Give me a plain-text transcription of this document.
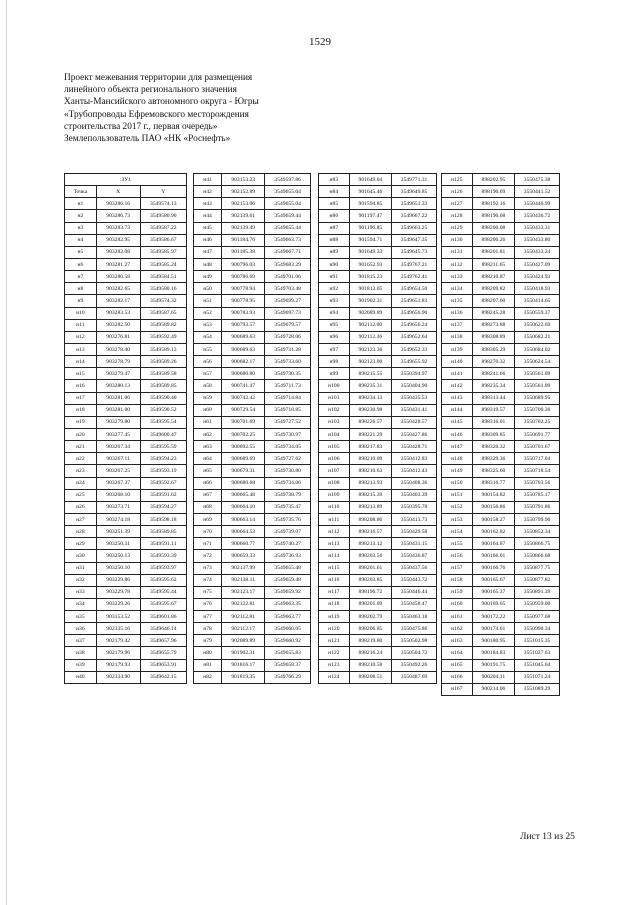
1529
Проект межевания территории для размещения
линейного объекта регионального значения
Ханты-Мансийского автономного округа - Югры
«Трубопроводы Ефремовского месторождения
строительства 2017 г., первая очередь»
Землепользователь ПАО «НК «Роснефть»
:ЗУ1		
Точка	X	Y
н1	903286.16	3549574.13
н2	903286.73	3549580.90
н3	903283.73	3549587.22
н4	903282.95	3549586.67
н5	903282.08	3549585.97
н6	903281.27	3549585.24
н7	903280.58	3549584.51
н8	903282.65	3549580.16
н9	903282.17	3549574.32
н10	903283.53	3549587.65
н11	903282.50	3549589.82
н12	903276.81	3549592.49
н13	903278.40	3549589.13
н14	903278.79	3549589.26
н15	903279.47	3549589.58
н16	903280.13	3549589.85
н17	903281.06	3549590.40
н18	903281.00	3549590.52
н19	903279.80	3549595.54
н20	903277.45	3549600.47
н21	903267.34	3549595.59
н22	903267.11	3549594.23
н23	903267.25	3549593.19
н24	903267.37	3549592.67
н25	903268.10	3549591.62
н26	903273.71	3549594.27
н27	903274.18	3549598.18
н28	903251.39	3549589.85
н29	903250.31	3549591.11
н30	903250.13	3549593.39
н31	903250.10	3549593.97
н32	903229.86	3549595.62
н33	903229.78	3549595.44
н34	903229.26	3549595.67
н35	903153.52	3549601.86
н36	902335.16	3549646.14
н37	902179.42	3549657.96
н38	902179.96	3549655.79
н39	902179.93	3549653.91
н40	902334.90	3549642.15
н41	903153.23	3549597.86
н42	902152.89	3549655.04
н43	902153.06	3549655.04
н44	902139.61	3549659.44
н45	902139.49	3549655.44
н46	901184.76	3549663.73
н47	901185.38	3549667.71
н48	900796.03	3549683.29
н49	900786.69	3549701.06
н50	900778.94	3549703.48
н51	900778.95	3549699.27
н52	900783.93	3549697.73
н53	900793.57	3549679.57
н54	900689.63	3549728.06
н55	900689.63	3549731.28
н56	900682.17	3549733.60
н57	900680.80	3549730.35
н58	900741.47	3549711.73
н59	900742.42	3549714.84
н60	900729.54	3549718.85
н61	900701.69	3549727.52
н62	900702.25	3549730.97
н63	900692.55	3549734.05
н64	900689.69	3549727.62
н65	900679.31	3549730.80
н66	900680.68	3549734.06
н67	900665.48	3549738.79
н68	900664.10	3549735.47
н69	900663.14	3549735.76
н70	900664.53	3549739.07
н71	900660.77	3549740.27
н72	900659.33	3549736.93
н73	902137.99	3549655.48
н74	902138.11	3549659.48
н75	902123.17	3549659.92
н76	902122.81	3549663.35
н77	902112.81	3549663.77
н78	902112.17	3549660.05
н79	902089.89	3549660.92
н80	901902.31	3549655.83
н81	901816.17	3549658.37
н82	901819.35	3549766.29
н83	901649.04	3549771.31
н84	901645.46	3549649.85
н85	901594.85	3549651.33
н86	901197.47	3549667.22
н87	901196.85	3549663.25
н88	901594.71	3549647.35
н89	901649.33	3549645.73
н90	901652.93	3549767.21
н91	901815.23	3549762.41
н92	901812.05	3549654.50
н93	901902.31	3549651.83
н94	902089.89	3549656.90
н95	902112.00	3549656.24
н96	902112.36	3549652.64
н97	902123.36	3549652.33
н98	902123.00	3549655.92
н99	898215.55	3550394.97
н100	898235.31	3550404.90
н101	898234.13	3550435.53
н102	898230.98	3550431.41
н103	898226.57	3550428.57
н104	898221.29	3550427.86
н105	898217.83	3550428.71
н106	898210.09	3550412.83
н107	898210.63	3550412.43
н108	898213.93	3550408.36
н109	898215.39	3550403.39
н110	898213.89	3550395.78
н111	898208.86	3550413.73
н112	898216.57	3550429.58
н113	898213.12	3550431.15
н114	898203.56	3550436.87
н115	898201.61	3550437.56
н116	898203.85	3550443.72
н117	898196.72	3550446.44
н118	898201.09	3550458.47
н119	898202.79	3550463.18
н120	898206.85	3550475.86
н121	898219.80	3550502.98
н122	898216.24	3550504.72
н123	898210.58	3550492.26
н124	898208.51	3550487.69
н125	898202.95	3550475.38
н126	898190.69	3550441.52
н127	898192.16	3550440.99
н128	898190.68	3550436.72
н129	898200.08	3550433.31
н130	898200.26	3550433.80
н131	898201.81	3550433.24
н132	898211.65	3550427.09
н133	898210.87	3550424.93
н134	898209.82	3550418.93
н135	898207.60	3550414.65
н136	898245.28	3550559.37
н137	898273.88	3550622.69
н138	898308.89	3550682.21
н139	898305.29	3550684.02
н140	898270.32	3550624.54
н141	898241.66	3550561.09
н142	898235.34	3550561.09
н143	898313.44	3550689.95
н144	898319.57	3550700.36
н145	898316.01	3550702.25
н146	898309.85	3550691.77
н147	898320.32	3550701.67
н148	898329.36	3550717.04
н149	898325.60	3550718.54
н150	898316.77	3550703.56
н151	900154.82	3550785.17
н152	900156.86	3550791.86
н153	900158.27	3550799.96
н154	900162.82	3550852.34
н155	900164.87	3550866.75
н156	900166.01	3550866.68
н157	900166.76	3550877.75
н158	900165.67	3550877.82
н159	900165.37	3550891.39
н160	900169.65	3550959.00
н161	900172.22	3550977.68
н162	900174.61	3550990.34
н163	900180.95	3551015.35
н164	900184.83	3551027.63
н165	900191.75	3551045.64
н166	900204.11	3551071.24
н167	900214.06	3551089.29
Лист 13 из 25
